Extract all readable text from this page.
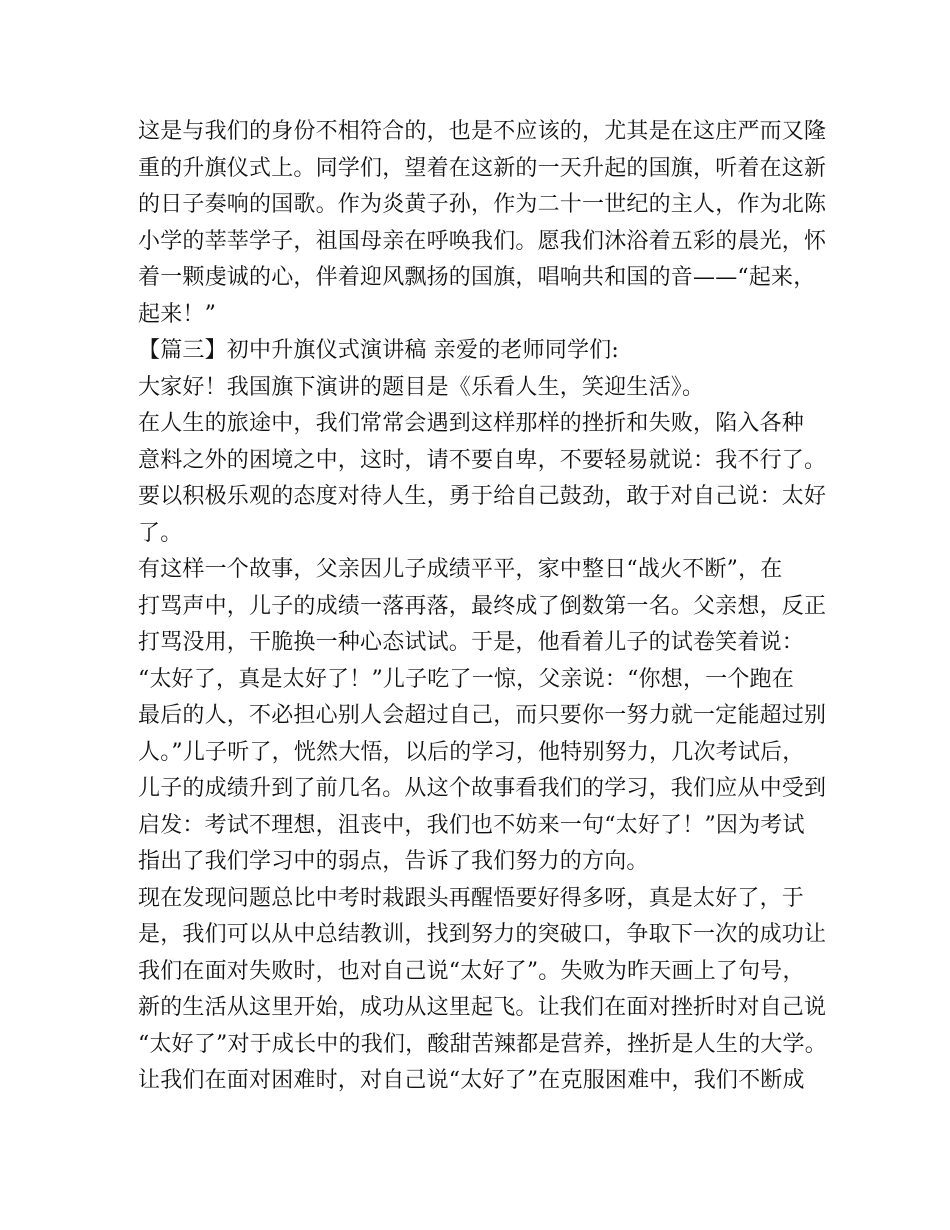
这是与我们的身份不相符合的，也是不应该的，尤其是在这庄严而又隆
重的升旗仪式上。同学们，望着在这新的一天升起的国旗，听着在这新
的日子奏响的国歌。作为炎黄子孙，作为二十一世纪的主人，作为北陈
小学的莘莘学子，祖国母亲在呼唤我们。愿我们沐浴着五彩的晨光，怀
着一颗虔诚的心，伴着迎风飘扬的国旗，唱响共和国的音——“起来，
起来！”
【篇三】初中升旗仪式演讲稿 亲爱的老师同学们:
大家好！我国旗下演讲的题目是《乐看人生，笑迎生活》。
在人生的旅途中，我们常常会遇到这样那样的挫折和失败，陷入各种
意料之外的困境之中，这时，请不要自卑，不要轻易就说：我不行了。
要以积极乐观的态度对待人生，勇于给自己鼓劲，敢于对自己说：太好
了。
有这样一个故事，父亲因儿子成绩平平，家中整日“战火不断”，在
打骂声中，儿子的成绩一落再落，最终成了倒数第一名。父亲想，反正
打骂没用，干脆换一种心态试试。于是，他看着儿子的试卷笑着说：
“太好了，真是太好了！”儿子吃了一惊，父亲说：“你想，一个跑在
最后的人，不必担心别人会超过自己，而只要你一努力就一定能超过别
人。”儿子听了，恍然大悟，以后的学习，他特别努力，几次考试后，
儿子的成绩升到了前几名。从这个故事看我们的学习，我们应从中受到
启发：考试不理想，沮丧中，我们也不妨来一句“太好了！”因为考试
指出了我们学习中的弱点，告诉了我们努力的方向。
现在发现问题总比中考时栽跟头再醒悟要好得多呀，真是太好了，于
是，我们可以从中总结教训，找到努力的突破口，争取下一次的成功让
我们在面对失败时，也对自己说“太好了”。失败为昨天画上了句号，
新的生活从这里开始，成功从这里起飞。让我们在面对挫折时对自己说
“太好了”对于成长中的我们，酸甜苦辣都是营养，挫折是人生的大学。
让我们在面对困难时，对自己说“太好了”在克服困难中，我们不断成
